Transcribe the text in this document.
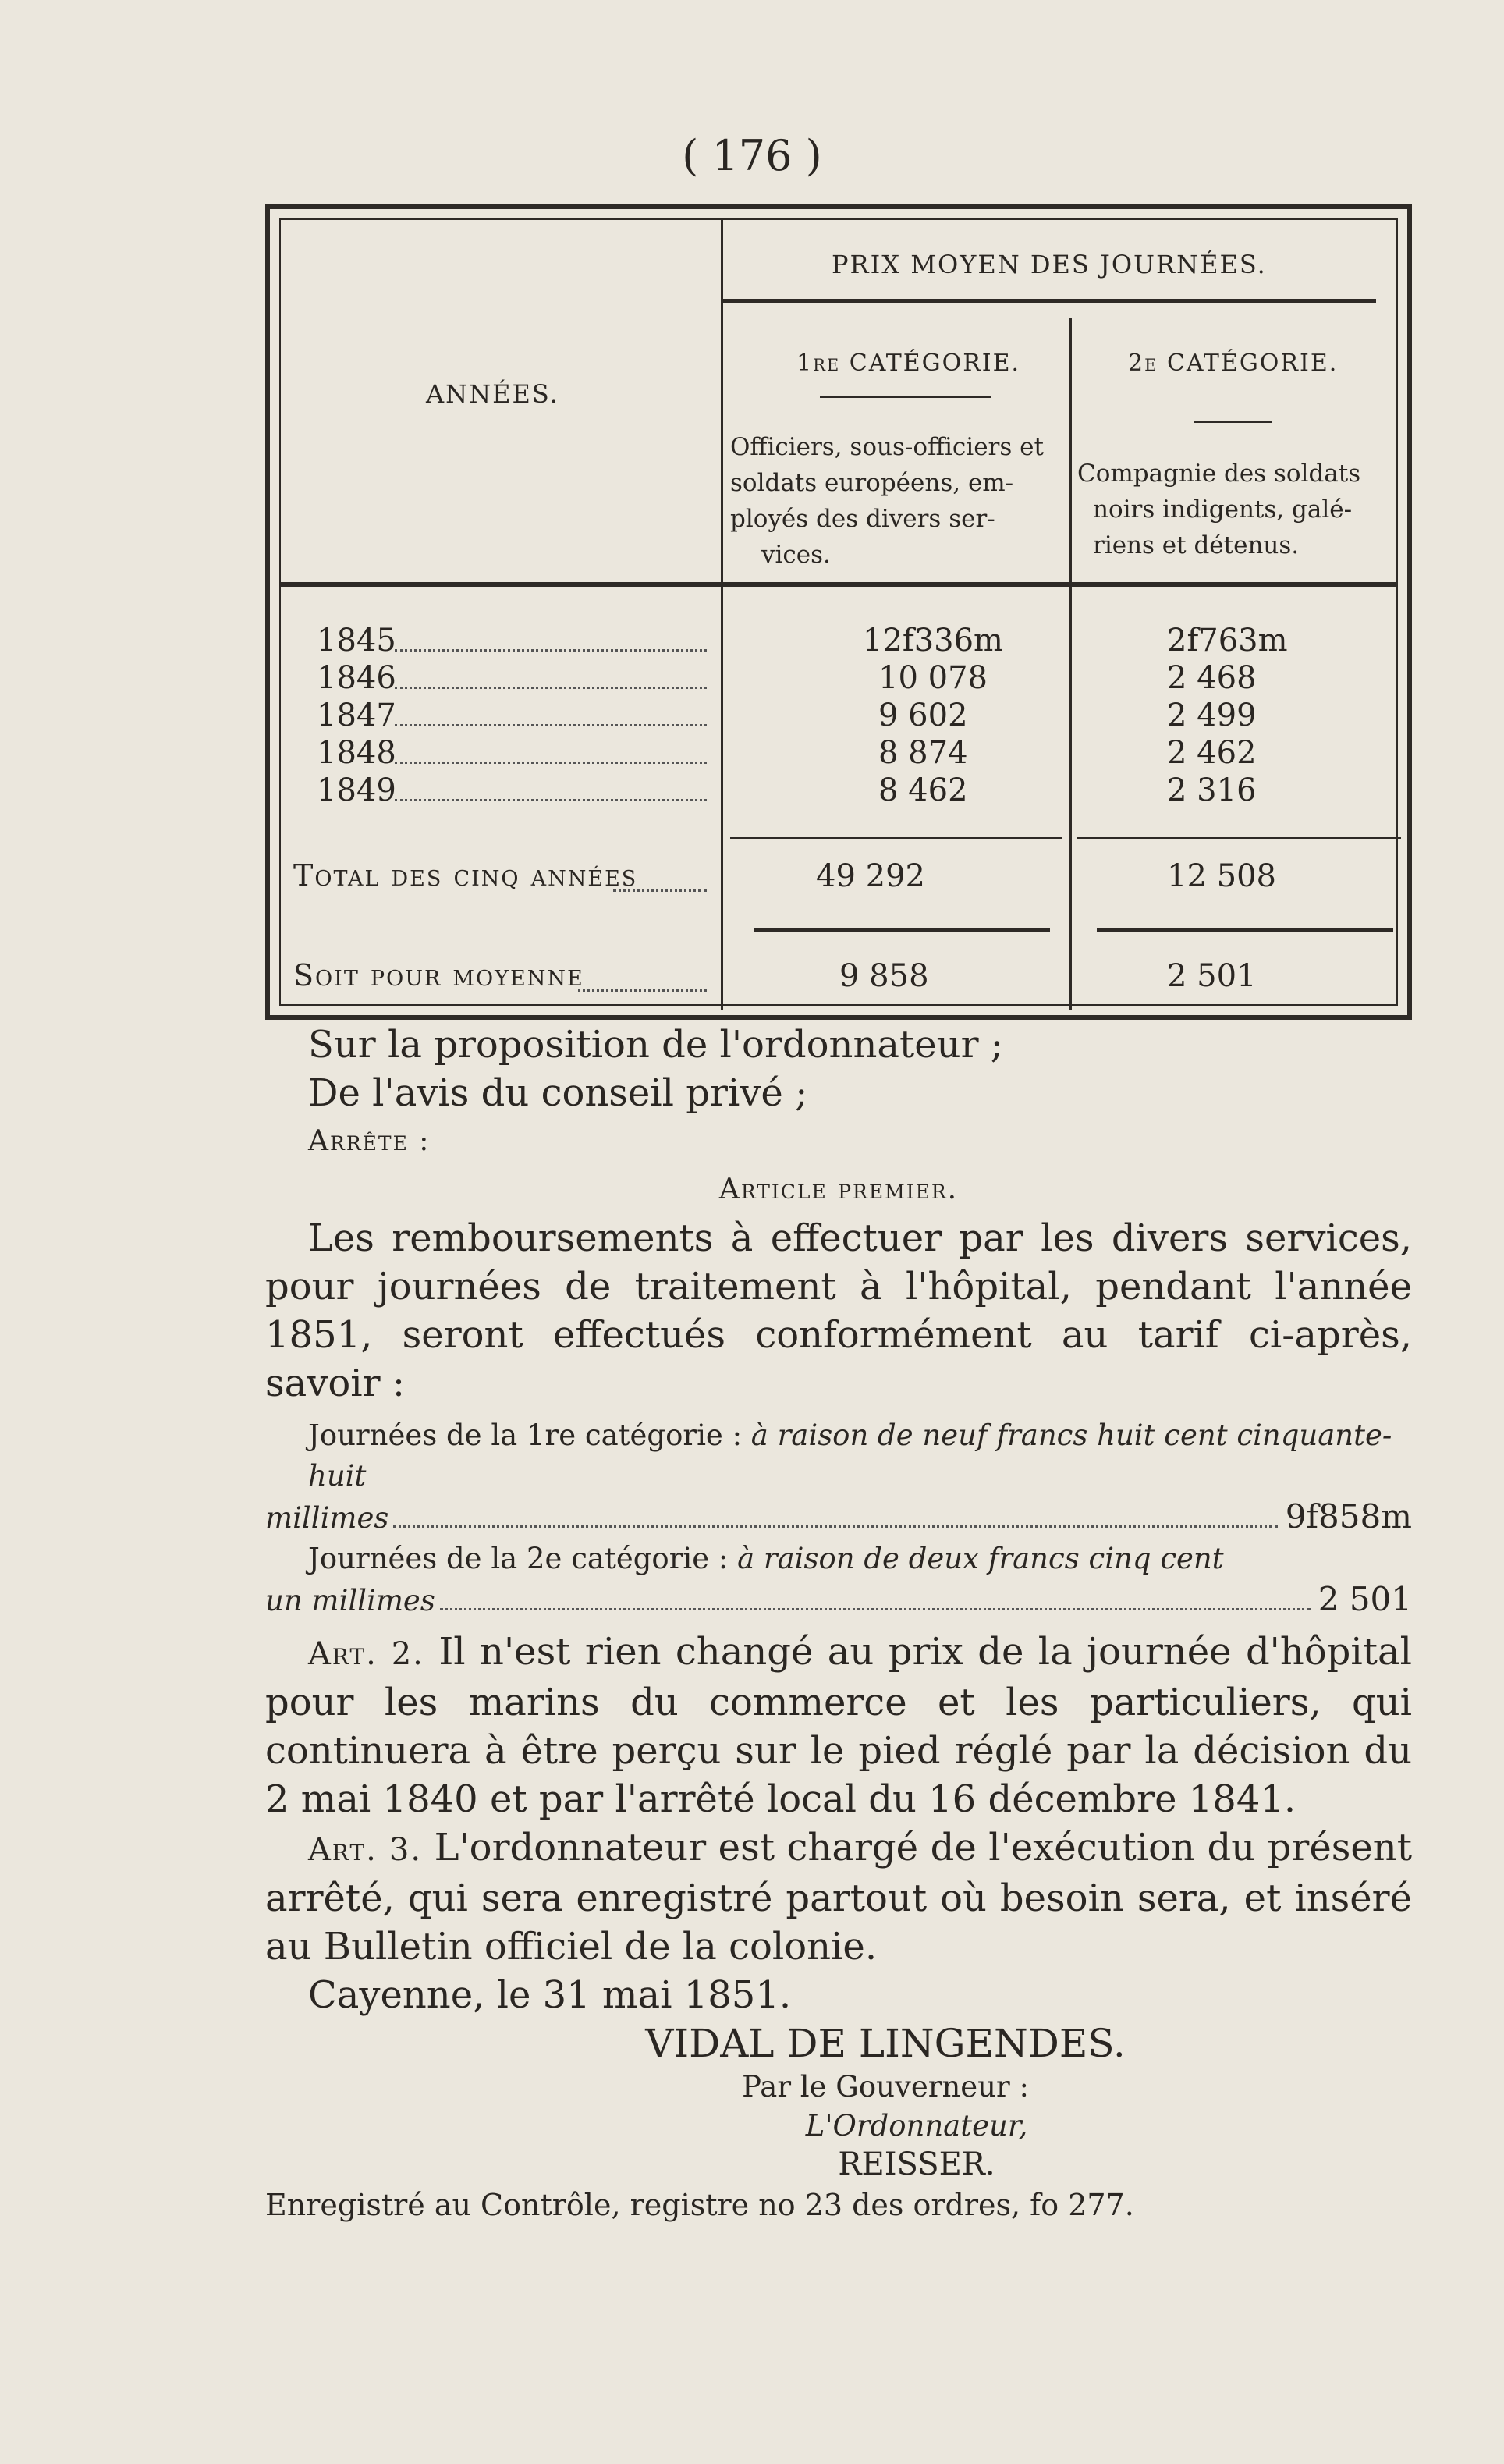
( 176 )
PRIX MOYEN DES JOURNÉES.
ANNÉES.
1re CATÉGORIE.
Officiers, sous-officiers et
soldats européens, em-
ployés des divers ser-
vices.
2e CATÉGORIE.
Compagnie des soldats
noirs indigents, galé-
riens et détenus.
1845	12f336m	2f763m
1846	10 078	2 468
1847	9 602	2 499
1848	8 874	2 462
1849	8 462	2 316
Total des cinq années	49 292	12 508
Soit pour moyenne	9 858	2 501
Sur la proposition de l'ordonnateur ;
De l'avis du conseil privé ;
Arrête :
Article premier.
Les remboursements à effectuer par les divers services, pour journées de traitement à l'hôpital, pendant l'année 1851, seront effectués conformément au tarif ci-après, savoir :
Journées de la 1re catégorie : à raison de neuf francs huit cent cinquante-huit
millimes	9f858m
Journées de la 2e catégorie : à raison de deux francs cinq cent
un millimes	2 501
Art. 2. Il n'est rien changé au prix de la journée d'hôpital pour les marins du commerce et les particuliers, qui continuera à être perçu sur le pied réglé par la décision du 2 mai 1840 et par l'arrêté local du 16 décembre 1841.
Art. 3. L'ordonnateur est chargé de l'exécution du présent arrêté, qui sera enregistré partout où besoin sera, et inséré au Bulletin officiel de la colonie.
Cayenne, le 31 mai 1851.
VIDAL DE LINGENDES.
Par le Gouverneur :
L'Ordonnateur,
REISSER.
Enregistré au Contrôle, registre no 23 des ordres, fo 277.
